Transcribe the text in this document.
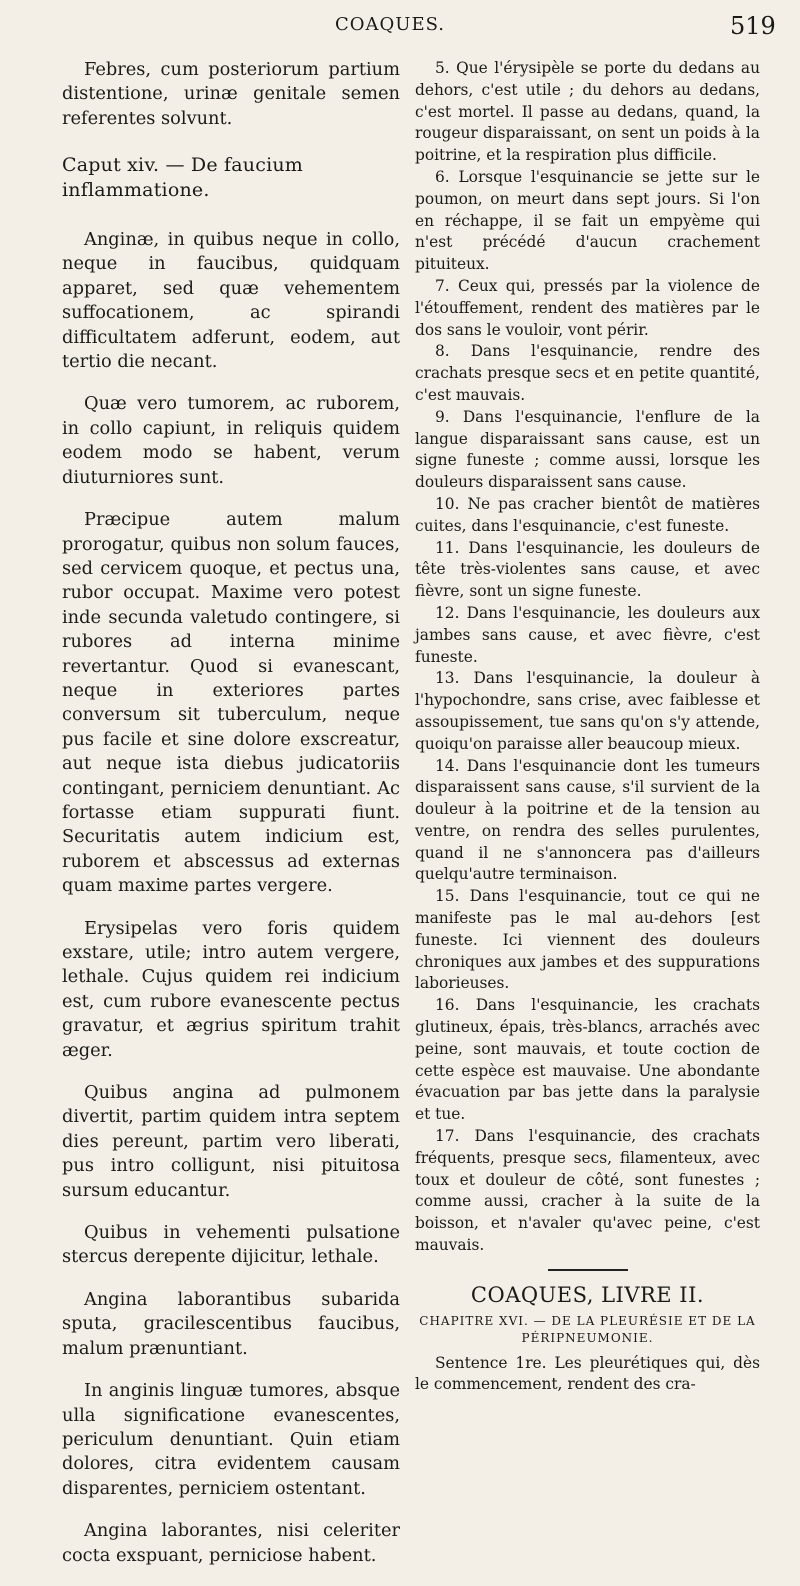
COAQUES.	519

Febres, cum posteriorum partium distentione, urinæ genitale semen referentes solvunt.

Caput xiv. — De faucium inflammatione.

Anginæ, in quibus neque in collo, neque in faucibus, quidquam apparet, sed quæ vehementem suffocationem, ac spirandi difficultatem adferunt, eodem, aut tertio die necant.

Quæ vero tumorem, ac ruborem, in collo capiunt, in reliquis quidem eodem modo se habent, verum diuturniores sunt.

Præcipue autem malum prorogatur, quibus non solum fauces, sed cervicem quoque, et pectus una, rubor occupat. Maxime vero potest inde secunda valetudo contingere, si rubores ad interna minime revertantur. Quod si evanescant, neque in exteriores partes conversum sit tuberculum, neque pus facile et sine dolore exscreatur, aut neque ista diebus judicatoriis contingant, perniciem denuntiant. Ac fortasse etiam suppurati fiunt. Securitatis autem indicium est, ruborem et abscessus ad externas quam maxime partes vergere.

Erysipelas vero foris quidem exstare, utile; intro autem vergere, lethale. Cujus quidem rei indicium est, cum rubore evanescente pectus gravatur, et ægrius spiritum trahit æger.

Quibus angina ad pulmonem divertit, partim quidem intra septem dies pereunt, partim vero liberati, pus intro colligunt, nisi pituitosa sursum educantur.

Quibus in vehementi pulsatione stercus derepente dijicitur, lethale.

Angina laborantibus subarida sputa, gracilescentibus faucibus, malum prænuntiant.

In anginis linguæ tumores, absque ulla significatione evanescentes, periculum denuntiant. Quin etiam dolores, citra evidentem causam disparentes, perniciem ostentant.

Angina laborantes, nisi celeriter cocta exspuant, perniciose habent.

5. Que l'érysipèle se porte du dedans au dehors, c'est utile ; du dehors au dedans, c'est mortel. Il passe au dedans, quand, la rougeur disparaissant, on sent un poids à la poitrine, et la respiration plus difficile.

6. Lorsque l'esquinancie se jette sur le poumon, on meurt dans sept jours. Si l'on en réchappe, il se fait un empyème qui n'est précédé d'aucun crachement pituiteux.

7. Ceux qui, pressés par la violence de l'étouffement, rendent des matières par le dos sans le vouloir, vont périr.

8. Dans l'esquinancie, rendre des crachats presque secs et en petite quantité, c'est mauvais.

9. Dans l'esquinancie, l'enflure de la langue disparaissant sans cause, est un signe funeste ; comme aussi, lorsque les douleurs disparaissent sans cause.

10. Ne pas cracher bientôt de matières cuites, dans l'esquinancie, c'est funeste.

11. Dans l'esquinancie, les douleurs de tête très-violentes sans cause, et avec fièvre, sont un signe funeste.

12. Dans l'esquinancie, les douleurs aux jambes sans cause, et avec fièvre, c'est funeste.

13. Dans l'esquinancie, la douleur à l'hypochondre, sans crise, avec faiblesse et assoupissement, tue sans qu'on s'y attende, quoiqu'on paraisse aller beaucoup mieux.

14. Dans l'esquinancie dont les tumeurs disparaissent sans cause, s'il survient de la douleur à la poitrine et de la tension au ventre, on rendra des selles purulentes, quand il ne s'annoncera pas d'ailleurs quelqu'autre terminaison.

15. Dans l'esquinancie, tout ce qui ne manifeste pas le mal au-dehors [est funeste. Ici viennent des douleurs chroniques aux jambes et des suppurations laborieuses.

16. Dans l'esquinancie, les crachats glutineux, épais, très-blancs, arrachés avec peine, sont mauvais, et toute coction de cette espèce est mauvaise. Une abondante évacuation par bas jette dans la paralysie et tue.

17. Dans l'esquinancie, des crachats fréquents, presque secs, filamenteux, avec toux et douleur de côté, sont funestes ; comme aussi, cracher à la suite de la boisson, et n'avaler qu'avec peine, c'est mauvais.

COAQUES, LIVRE II.
CHAPITRE XVI. — DE LA PLEURÉSIE ET DE LA PÉRIPNEUMONIE.

Sentence 1re. Les pleurétiques qui, dès le commencement, rendent des cra-
